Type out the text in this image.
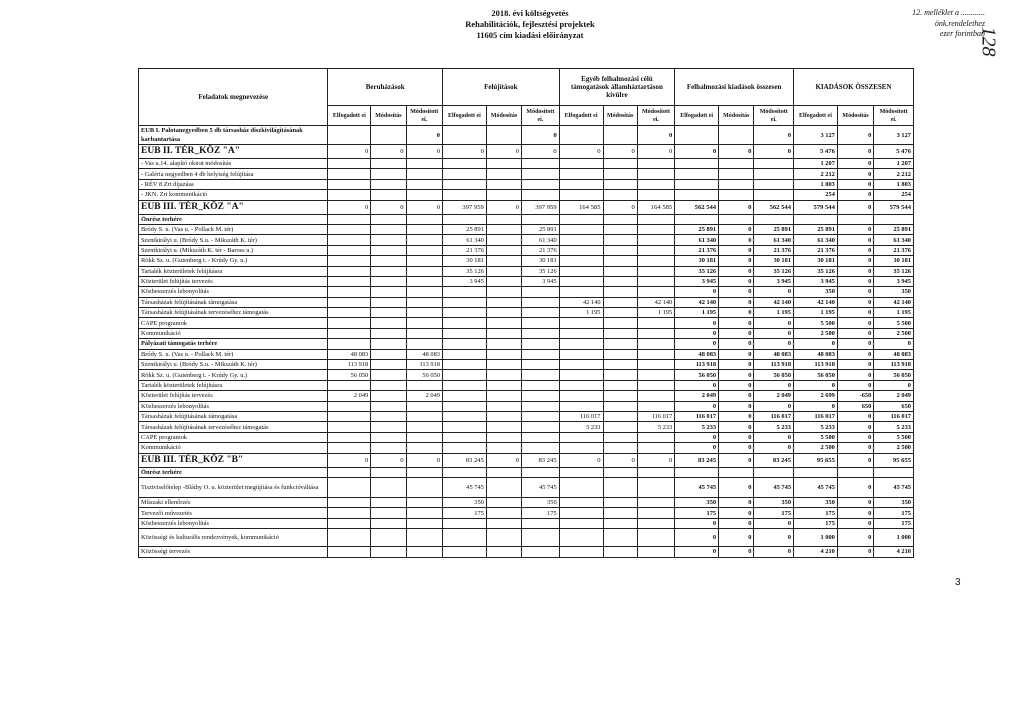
2018. évi költségvetés
Rehabilitációk, fejlesztési projektek
11605 cím kiadási előirányzat
12. melléklet a ............
önk.rendelethez
ezer forintban
128
3
Feladatok megnevezése	Beruházások			Felújítások			Egyéb felhalmozási célú támogatások államháztartáson kívülre			Felhalmozási kiadások összesen			KIADÁSOK ÖSSZESEN		
	Elfogadott ei	Módosítás	Módosított ei.	Elfogadott ei	Módosítás	Módosított ei.	Elfogadott ei	Módosítás	Módosított ei.	Elfogadott ei	Módosítás	Módosított ei.	Elfogadott ei	Módosítás	Módosított ei.
EUB I. Palotanegyedben 5 db társasház díszkivilágításának karbantartása			0			0			0			0	3 127	0	3 127
EUB II. TÉR_KÖZ "A"	0	0	0	0	0	0	0	0	0	0	0	0	5 476	0	5 476
- Vas u.14. alapító okirat módosítás													1 207	0	1 207
- Galéria negyedben 4 db helyiség felújítása													2 212	0	2 212
- RÉV 8 Zrt díjazása													1 803	0	1 803
- JKN. Zrt kommunikáció													254	0	254
EUB III. TÉR_KÖZ "A"	0	0	0	397 959	0	397 959	164 585	0	164 585	562 544	0	562 544	579 544	0	579 544
Önrész terhére															
Bródy S. u. (Vas u. - Pollack M. tér)				25 891		25 891				25 891	0	25 891	25 891	0	25 891
Szentkirályi u. (Bródy S.u. - Mikszáth K. tér)				61 340		61 340				61 340	0	61 340	61 340	0	61 340
Szentkirályi u. (Mikszáth K. tér - Baross u.)				21 376		21 376				21 376	0	21 376	21 376	0	21 376
Rökk Sz. u. (Gutenberg t. - Krúdy Gy. u.)				30 181		30 181				30 181	0	30 181	30 181	0	30 181
Tartalék közterületek felújításra				35 126		35 126				35 126	0	35 126	35 126	0	35 126
Közterület felújítás tervezés				3 945		3 945				3 945	0	3 945	3 945	0	3 945
Közbeszerzés lebonyolítás										0	0	0	350	0	350
Társasházak felújításának támogatása							42 140		42 140	42 140	0	42 140	42 140	0	42 140
Társasházak felújításának tervezéséhez támogatás							1 195		1 195	1 195	0	1 195	1 195	0	1 195
CAPE programok										0	0	0	5 500	0	5 500
Kommunikáció										0	0	0	2 500	0	2 500
Pályázati támogatás terhére										0	0	0	0	0	0
Bródy S. u. (Vas u. - Pollack M. tér)	48 083		48 083							48 083	0	48 083	48 083	0	48 083
Szentkirályi u. (Bródy S.u. - Mikszáth K. tér)	113 918		113 918							113 918	0	113 918	113 918	0	113 918
Rökk Sz. u. (Gutenberg t. - Krúdy Gy. u.)	56 050		56 050							56 050	0	56 050	56 050	0	56 050
Tartalék közterületek felújításra										0	0	0	0	0	0
Közterület felújítás tervezés	2 049		2 049							2 049	0	2 049	2 699	-650	2 049
Közbeszerzés lebonyolítás										0	0	0	0	650	650
Társasházak felújításának támogatása							116 017		116 017	116 017	0	116 017	116 017	0	116 017
Társasházak felújításának tervezéséhez támogatás							5 233		5 233	5 233	0	5 233	5 233	0	5 233
CAPE programok										0	0	0	5 500	0	5 500
Kommunikáció										0	0	0	2 500	0	2 500
EUB III. TÉR_KÖZ "B"	0	0	0	83 245	0	83 245	0	0	0	83 245	0	83 245	95 655	0	95 655
Önrész terhére															
Tisztviselőtelep -Bláthy O. u. közterület megújítása és funkcióváltása				45 745		45 745				45 745	0	45 745	45 745	0	45 745
Műszaki ellenőrzés				350		350				350	0	350	350	0	350
Tervezői művezetés				175		175				175	0	175	175	0	175
Közbeszerzés lebonyolítás										0	0	0	175	0	175
Közösségi és kulturális rendezvények, kommunikáció										0	0	0	1 000	0	1 000
Közösségi tervezés										0	0	0	4 210	0	4 210
